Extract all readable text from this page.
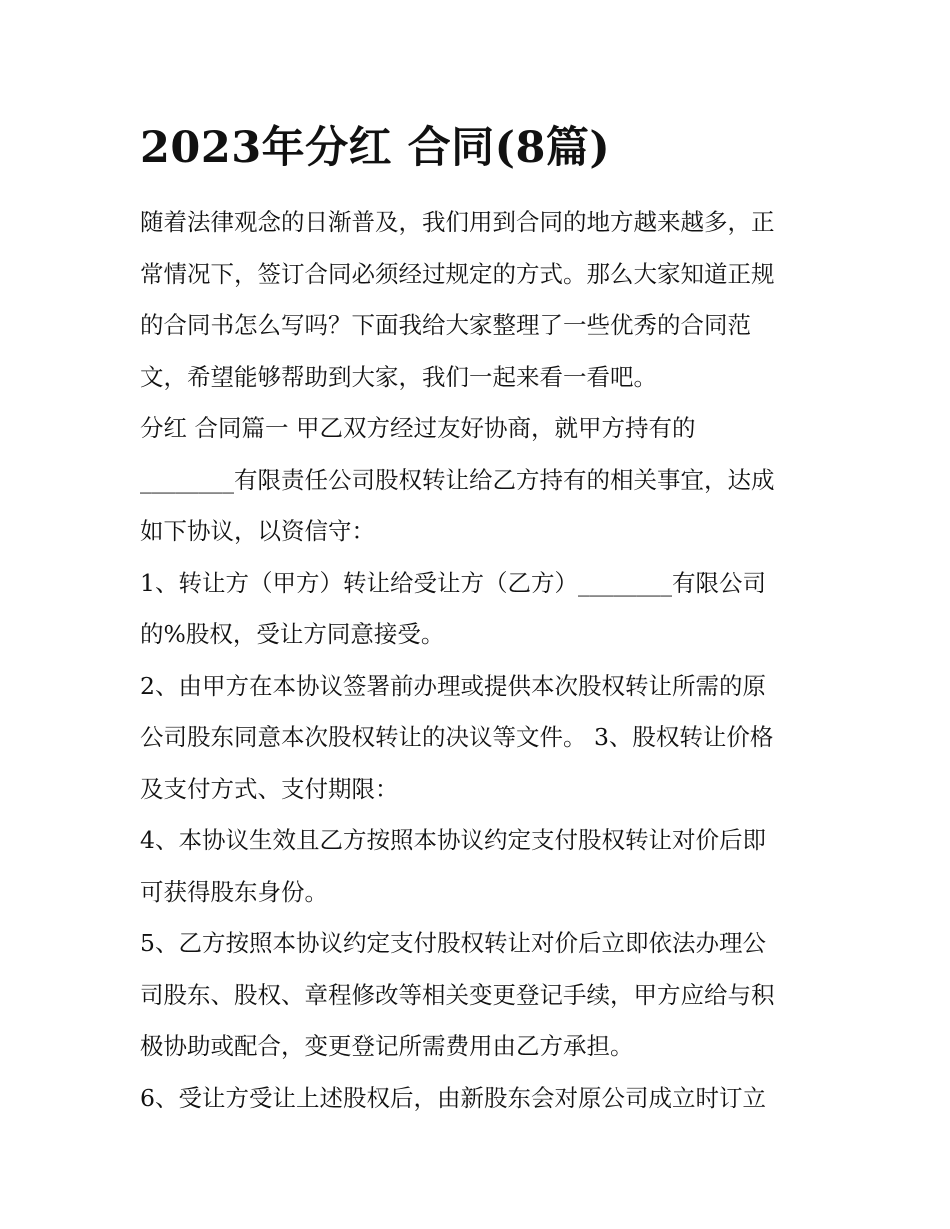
2023年分红 合同(8篇)

随着法律观念的日渐普及，我们用到合同的地方越来越多，正

常情况下，签订合同必须经过规定的方式。那么大家知道正规

的合同书怎么写吗？下面我给大家整理了一些优秀的合同范

文，希望能够帮助到大家，我们一起来看一看吧。

分红 合同篇一 甲乙双方经过友好协商，就甲方持有的

________有限责任公司股权转让给乙方持有的相关事宜，达成

如下协议，以资信守：

1、转让方（甲方）转让给受让方（乙方）________有限公司

的%股权，受让方同意接受。

2、由甲方在本协议签署前办理或提供本次股权转让所需的原

公司股东同意本次股权转让的决议等文件。 3、股权转让价格

及支付方式、支付期限：

4、本协议生效且乙方按照本协议约定支付股权转让对价后即

可获得股东身份。

5、乙方按照本协议约定支付股权转让对价后立即依法办理公

司股东、股权、章程修改等相关变更登记手续，甲方应给与积

极协助或配合，变更登记所需费用由乙方承担。

6、受让方受让上述股权后，由新股东会对原公司成立时订立
